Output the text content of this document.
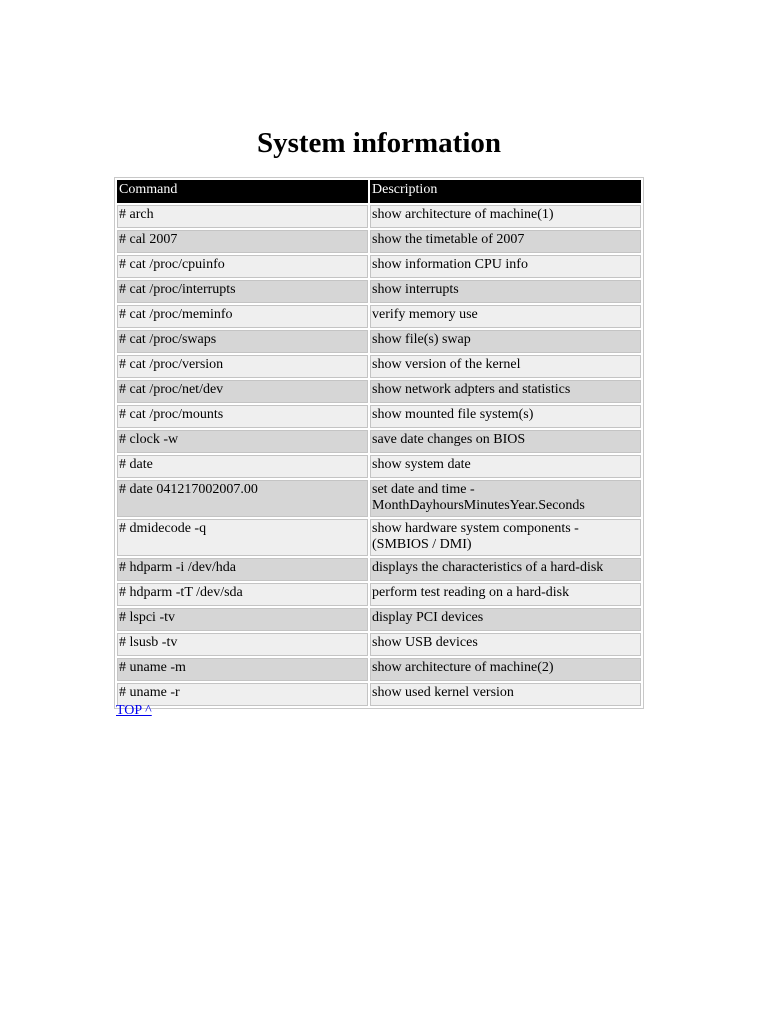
System information
Command	Description
# arch	show architecture of machine(1)
# cal 2007	show the timetable of 2007
# cat /proc/cpuinfo	show information CPU info
# cat /proc/interrupts	show interrupts
# cat /proc/meminfo	verify memory use
# cat /proc/swaps	show file(s) swap
# cat /proc/version	show version of the kernel
# cat /proc/net/dev	show network adpters and statistics
# cat /proc/mounts	show mounted file system(s)
# clock -w	save date changes on BIOS
# date	show system date
# date 041217002007.00	set date and time - MonthDayhoursMinutesYear.Seconds
# dmidecode -q	show hardware system components - (SMBIOS / DMI)
# hdparm -i /dev/hda	displays the characteristics of a hard-disk
# hdparm -tT /dev/sda	perform test reading on a hard-disk
# lspci -tv	display PCI devices
# lsusb -tv	show USB devices
# uname -m	show architecture of machine(2)
# uname -r	show used kernel version
TOP ^
